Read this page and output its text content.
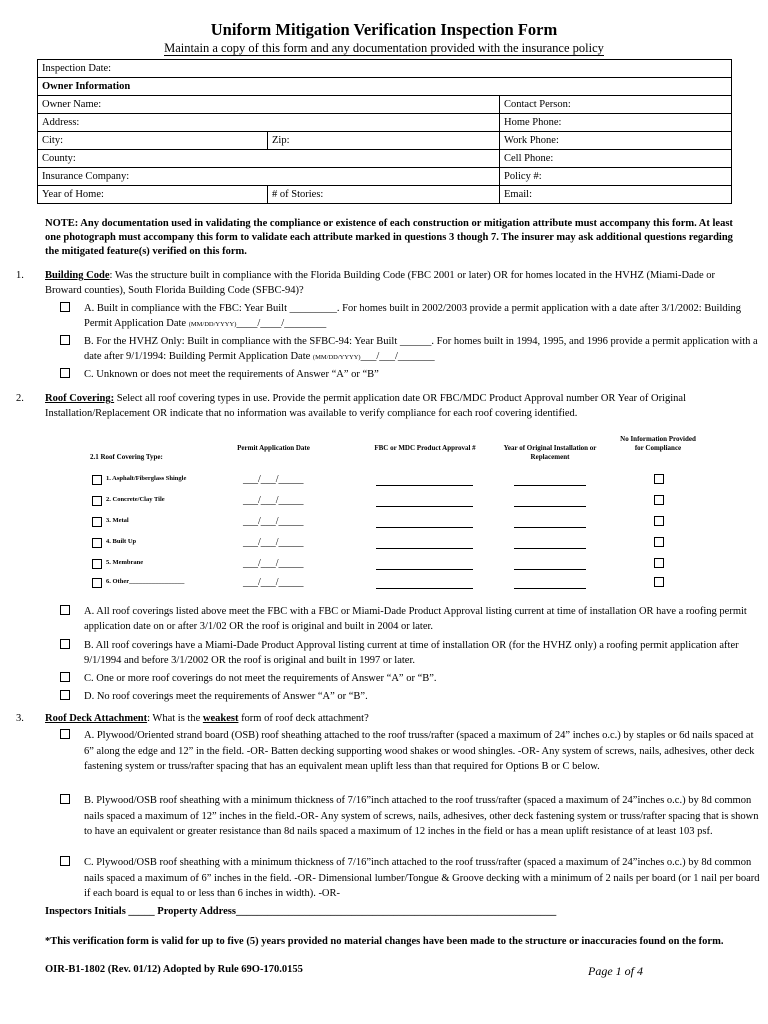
Uniform Mitigation Verification Inspection Form
Maintain a copy of this form and any documentation provided with the insurance policy
Inspection Date:		
Owner Information		
Owner Name:		Contact Person:
Address:		Home Phone:
City:	Zip:	Work Phone:
County:		Cell Phone:
Insurance Company:		Policy #:
Year of Home:	# of Stories:	Email:
NOTE: Any documentation used in validating the compliance or existence of each construction or mitigation attribute must accompany this form. At least one photograph must accompany this form to validate each attribute marked in questions 3 though 7. The insurer may ask additional questions regarding the mitigated feature(s) verified on this form.
1. Building Code: Was the structure built in compliance with the Florida Building Code (FBC 2001 or later) OR for homes located in the HVHZ (Miami-Dade or Broward counties), South Florida Building Code (SFBC-94)?
A. Built in compliance with the FBC: Year Built _________. For homes built in 2002/2003 provide a permit application with a date after 3/1/2002: Building Permit Application Date (MM/DD/YYYY)____/____/________
B. For the HVHZ Only: Built in compliance with the SFBC-94: Year Built ______. For homes built in 1994, 1995, and 1996 provide a permit application with a date after 9/1/1994: Building Permit Application Date (MM/DD/YYYY)___/___/_______
C. Unknown or does not meet the requirements of Answer “A” or “B”
2. Roof Covering: Select all roof covering types in use. Provide the permit application date OR FBC/MDC Product Approval number OR Year of Original Installation/Replacement OR indicate that no information was available to verify compliance for each roof covering identified.
2.1 Roof Covering Type:
Permit Application Date	FBC or MDC Product Approval #	Year of Original Installation or Replacement
No Information Provided for Compliance
1. Asphalt/Fiberglass Shingle	___/___/_____
2. Concrete/Clay Tile	___/___/_____
3. Metal	___/___/_____
4. Built Up	___/___/_____
5. Membrane	___/___/_____
6. Other_________________	___/___/_____
A. All roof coverings listed above meet the FBC with a FBC or Miami-Dade Product Approval listing current at time of installation OR have a roofing permit application date on or after 3/1/02 OR the roof is original and built in 2004 or later.
B. All roof coverings have a Miami-Dade Product Approval listing current at time of installation OR (for the HVHZ only) a roofing permit application after 9/1/1994 and before 3/1/2002 OR the roof is original and built in 1997 or later.
C. One or more roof coverings do not meet the requirements of Answer “A” or “B”.
D. No roof coverings meet the requirements of Answer “A” or “B”.
3. Roof Deck Attachment: What is the weakest form of roof deck attachment?
A. Plywood/Oriented strand board (OSB) roof sheathing attached to the roof truss/rafter (spaced a maximum of 24” inches o.c.) by staples or 6d nails spaced at 6” along the edge and 12” in the field. -OR- Batten decking supporting wood shakes or wood shingles. -OR- Any system of screws, nails, adhesives, other deck fastening system or truss/rafter spacing that has an equivalent mean uplift less than that required for Options B or C below.
B. Plywood/OSB roof sheathing with a minimum thickness of 7/16”inch attached to the roof truss/rafter (spaced a maximum of 24”inches o.c.) by 8d common nails spaced a maximum of 12” inches in the field.-OR- Any system of screws, nails, adhesives, other deck fastening system or truss/rafter spacing that is shown to have an equivalent or greater resistance than 8d nails spaced a maximum of 12 inches in the field or has a mean uplift resistance of at least 103 psf.
C. Plywood/OSB roof sheathing with a minimum thickness of 7/16”inch attached to the roof truss/rafter (spaced a maximum of 24”inches o.c.) by 8d common nails spaced a maximum of 6” inches in the field. -OR- Dimensional lumber/Tongue & Groove decking with a minimum of 2 nails per board (or 1 nail per board if each board is equal to or less than 6 inches in width). -OR-
Inspectors Initials _____ Property Address_____________________________________________________________
*This verification form is valid for up to five (5) years provided no material changes have been made to the structure or inaccuracies found on the form.
OIR-B1-1802 (Rev. 01/12) Adopted by Rule 69O-170.0155	Page 1 of 4
